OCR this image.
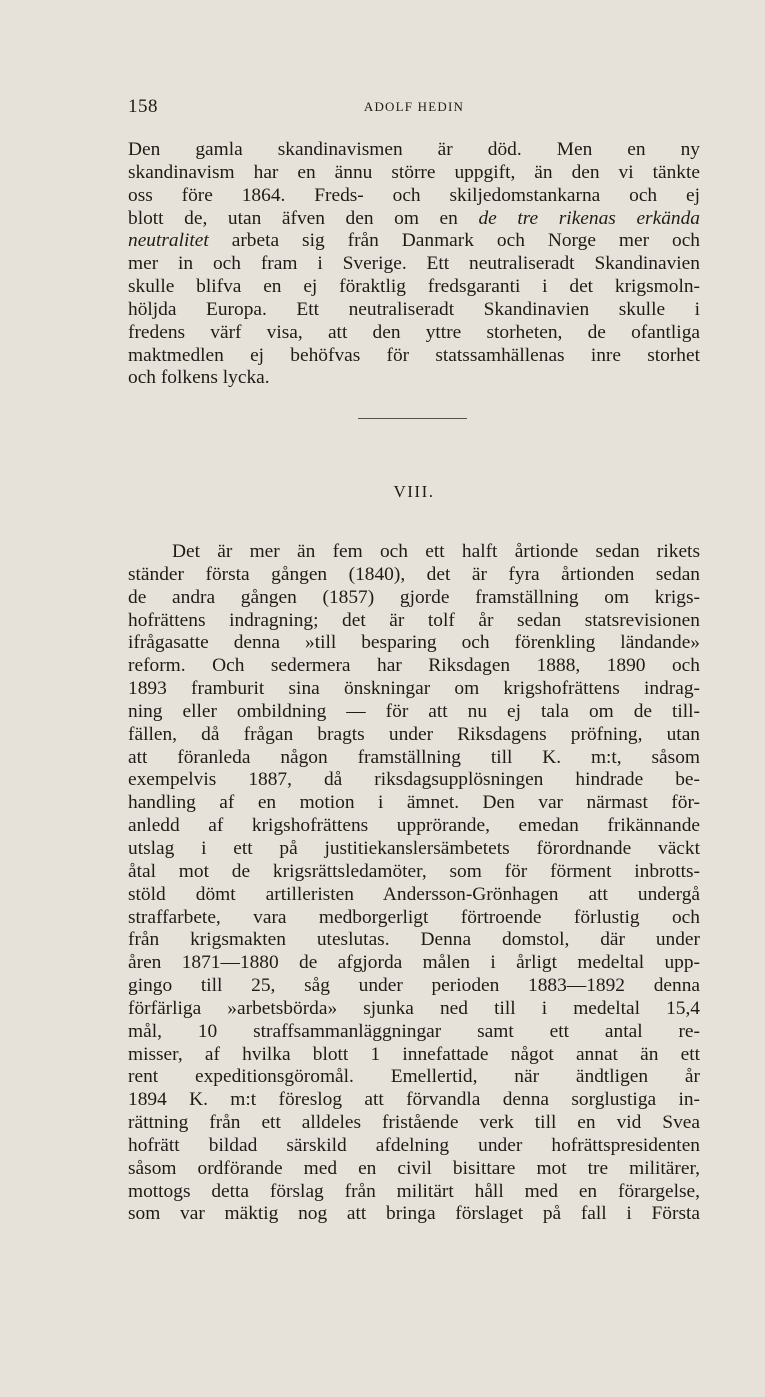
158	ADOLF HEDIN

Den gamla skandinavismen är död. Men en ny
skandinavism har en ännu större uppgift, än den vi tänkte
oss före 1864. Freds- och skiljedomstankarna och ej
blott de, utan äfven den om en de tre rikenas erkända
neutralitet arbeta sig från Danmark och Norge mer och
mer in och fram i Sverige. Ett neutraliseradt Skandinavien
skulle blifva en ej föraktlig fredsgaranti i det krigsmoln-
höljda Europa. Ett neutraliseradt Skandinavien skulle i
fredens värf visa, att den yttre storheten, de ofantliga
maktmedlen ej behöfvas för statssamhällenas inre storhet
och folkens lycka.

VIII.

Det är mer än fem och ett halft årtionde sedan rikets
ständer första gången (1840), det är fyra årtionden sedan
de andra gången (1857) gjorde framställning om krigs-
hofrättens indragning; det är tolf år sedan statsrevisionen
ifrågasatte denna »till besparing och förenkling ländande»
reform. Och sedermera har Riksdagen 1888, 1890 och
1893 framburit sina önskningar om krigshofrättens indrag-
ning eller ombildning — för att nu ej tala om de till-
fällen, då frågan bragts under Riksdagens pröfning, utan
att föranleda någon framställning till K. m:t, såsom
exempelvis 1887, då riksdagsupplösningen hindrade be-
handling af en motion i ämnet. Den var närmast för-
anledd af krigshofrättens upprörande, emedan frikännande
utslag i ett på justitiekanslersämbetets förordnande väckt
åtal mot de krigsrättsledamöter, som för förment inbrotts-
stöld dömt artilleristen Andersson-Grönhagen att undergå
straffarbete, vara medborgerligt förtroende förlustig och
från krigsmakten uteslutas. Denna domstol, där under
åren 1871—1880 de afgjorda målen i årligt medeltal upp-
gingo till 25, såg under perioden 1883—1892 denna
förfärliga »arbetsbörda» sjunka ned till i medeltal 15,4
mål, 10 straffsammanläggningar samt ett antal re-
misser, af hvilka blott 1 innefattade något annat än ett
rent expeditionsgöromål. Emellertid, när ändtligen år
1894 K. m:t föreslog att förvandla denna sorglustiga in-
rättning från ett alldeles fristående verk till en vid Svea
hofrätt bildad särskild afdelning under hofrättspresidenten
såsom ordförande med en civil bisittare mot tre militärer,
mottogs detta förslag från militärt håll med en förargelse,
som var mäktig nog att bringa förslaget på fall i Första
